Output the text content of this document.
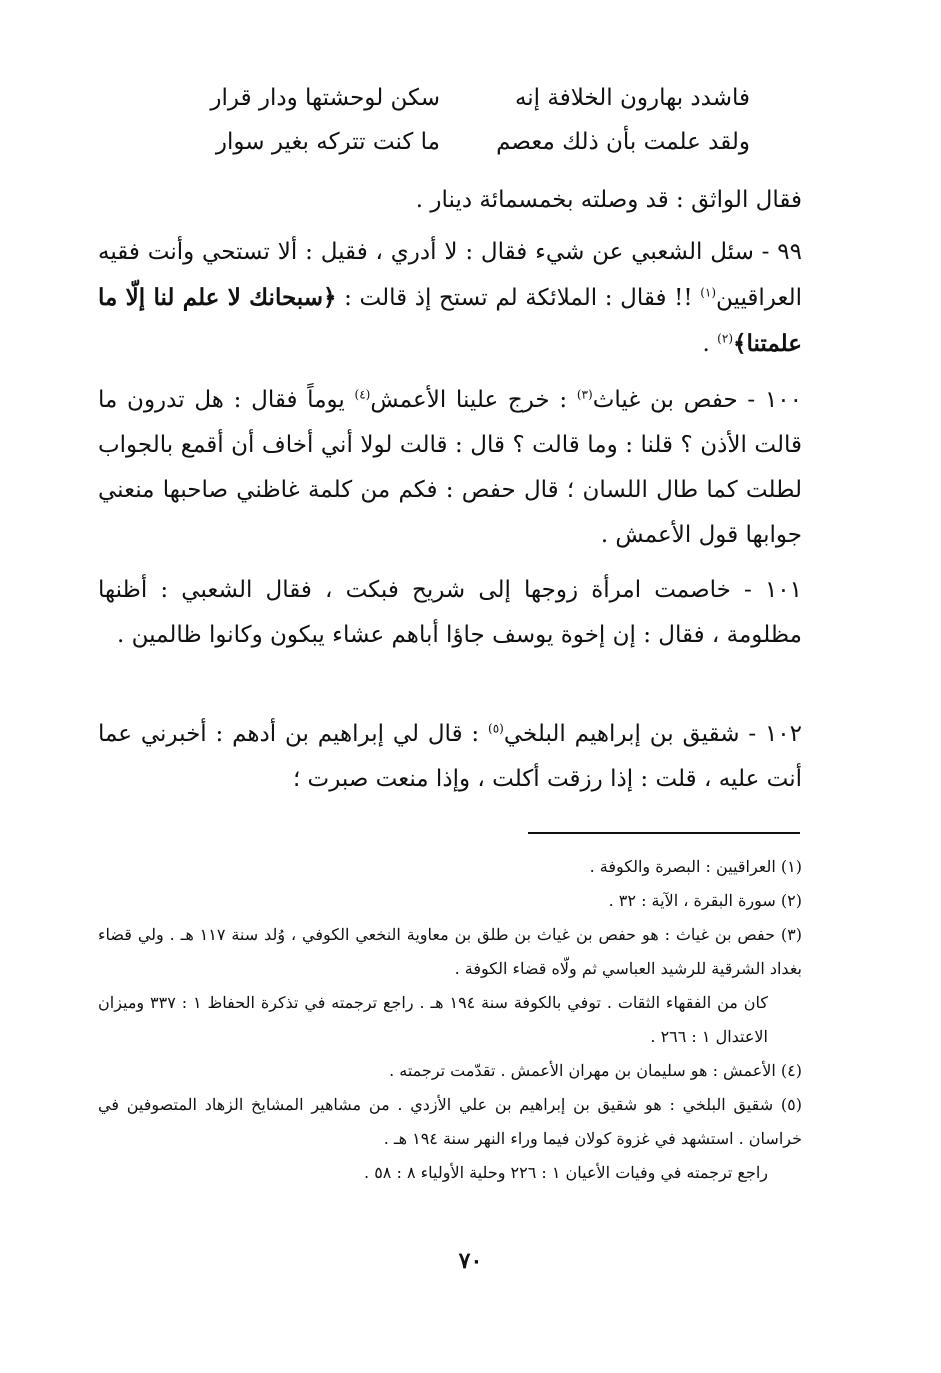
فاشدد بهارون الخلافة إنه
سكن لوحشتها ودار قرار
ولقد علمت بأن ذلك معصم
ما كنت تتركه بغير سوار
فقال الواثق : قد وصلته بخمسمائة دينار .
٩٩ - سئل الشعبي عن شيء فقال : لا أدري ، فقيل : ألا تستحي وأنت فقيه العراقيين$^{(١)}$ !! فقال : الملائكة لم تستح إذ قالت : ﴿سبحانك لا علم لنا إلّا ما علمتنا﴾$^{(٢)}$ .
١٠٠ - حفص بن غياث$^{(٣)}$ : خرج علينا الأعمش$^{(٤)}$ يوماً فقال : هل تدرون ما قالت الأذن ؟ قلنا : وما قالت ؟ قال : قالت لولا أني أخاف أن أقمع بالجواب لطلت كما طال اللسان ؛ قال حفص : فكم من كلمة غاظني صاحبها منعني جوابها قول الأعمش .
١٠١ - خاصمت امرأة زوجها إلى شريح فبكت ، فقال الشعبي : أظنها مظلومة ، فقال : إن إخوة يوسف جاؤا أباهم عشاء يبكون وكانوا ظالمين .
١٠٢ - شقيق بن إبراهيم البلخي$^{(٥)}$ : قال لي إبراهيم بن أدهم : أخبرني عما أنت عليه ، قلت : إذا رزقت أكلت ، وإذا منعت صبرت ؛
(١) العراقيين : البصرة والكوفة .
(٢) سورة البقرة ، الآية : ٣٢ .
(٣) حفص بن غياث : هو حفص بن غياث بن طلق بن معاوية النخعي الكوفي ، وُلد سنة ١١٧ هـ . ولي قضاء بغداد الشرقية للرشيد العباسي ثم ولّاه قضاء الكوفة .
كان من الفقهاء الثقات . توفي بالكوفة سنة ١٩٤ هـ . راجع ترجمته في تذكرة الحفاظ ١ : ٣٣٧ وميزان الاعتدال ١ : ٢٦٦ .
(٤) الأعمش : هو سليمان بن مهران الأعمش . تقدّمت ترجمته .
(٥) شقيق البلخي : هو شقيق بن إبراهيم بن علي الأزدي . من مشاهير المشايخ الزهاد المتصوفين في خراسان . استشهد في غزوة كولان فيما وراء النهر سنة ١٩٤ هـ .
راجع ترجمته في وفيات الأعيان ١ : ٢٢٦ وحلية الأولياء ٨ : ٥٨ .
٧٠
